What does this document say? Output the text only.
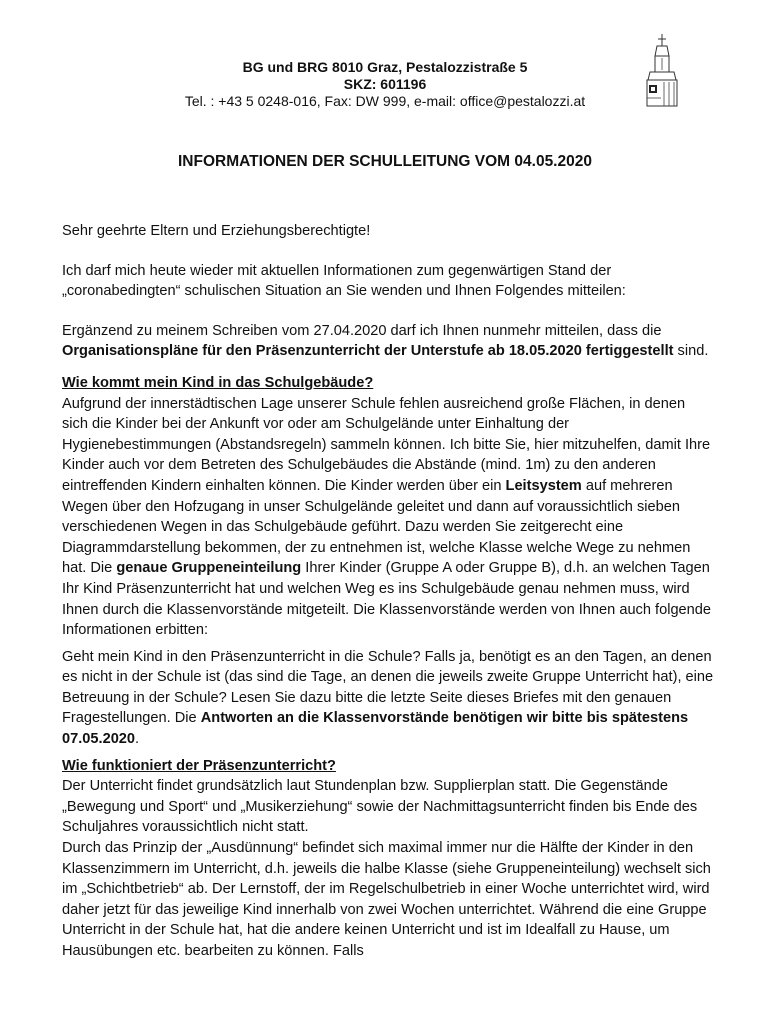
BG und BRG 8010 Graz, Pestalozzistraße 5
SKZ: 601196
Tel. : +43 5 0248-016, Fax: DW 999, e-mail: office@pestalozzi.at
INFORMATIONEN DER SCHULLEITUNG VOM 04.05.2020

Sehr geehrte Eltern und Erziehungsberechtigte!

Ich darf mich heute wieder mit aktuellen Informationen zum gegenwärtigen Stand der „coronabedingten“ schulischen Situation an Sie wenden und Ihnen Folgendes mitteilen:

Ergänzend zu meinem Schreiben vom 27.04.2020 darf ich Ihnen nunmehr mitteilen, dass die Organisationspläne für den Präsenzunterricht der Unterstufe ab 18.05.2020 fertiggestellt sind.

Wie kommt mein Kind in das Schulgebäude?

Aufgrund der innerstädtischen Lage unserer Schule fehlen ausreichend große Flächen, in denen sich die Kinder bei der Ankunft vor oder am Schulgelände unter Einhaltung der Hygienebestimmungen (Abstandsregeln) sammeln können. Ich bitte Sie, hier mitzuhelfen, damit Ihre Kinder auch vor dem Betreten des Schulgebäudes die Abstände (mind. 1m) zu den anderen eintreffenden Kindern einhalten können. Die Kinder werden über ein Leitsystem auf mehreren Wegen über den Hofzugang in unser Schulgelände geleitet und dann auf voraussichtlich sieben verschiedenen Wegen in das Schulgebäude geführt. Dazu werden Sie zeitgerecht eine Diagrammdarstellung bekommen, der zu entnehmen ist, welche Klasse welche Wege zu nehmen hat. Die genaue Gruppeneinteilung Ihrer Kinder (Gruppe A oder Gruppe B), d.h. an welchen Tagen Ihr Kind Präsenzunterricht hat und welchen Weg es ins Schulgebäude genau nehmen muss, wird Ihnen durch die Klassenvorstände mitgeteilt. Die Klassenvorstände werden von Ihnen auch folgende Informationen erbitten:

Geht mein Kind in den Präsenzunterricht in die Schule? Falls ja, benötigt es an den Tagen, an denen es nicht in der Schule ist (das sind die Tage, an denen die jeweils zweite Gruppe Unterricht hat), eine Betreuung in der Schule? Lesen Sie dazu bitte die letzte Seite dieses Briefes mit den genauen Fragestellungen. Die Antworten an die Klassenvorstände benötigen wir bitte bis spätestens 07.05.2020.

Wie funktioniert der Präsenzunterricht?

Der Unterricht findet grundsätzlich laut Stundenplan bzw. Supplierplan statt. Die Gegenstände „Bewegung und Sport“ und „Musikerziehung“ sowie der Nachmittagsunterricht finden bis Ende des Schuljahres voraussichtlich nicht statt.

Durch das Prinzip der „Ausdünnung“ befindet sich maximal immer nur die Hälfte der Kinder in den Klassenzimmern im Unterricht, d.h. jeweils die halbe Klasse (siehe Gruppeneinteilung) wechselt sich im „Schichtbetrieb“ ab. Der Lernstoff, der im Regelschulbetrieb in einer Woche unterrichtet wird, wird daher jetzt für das jeweilige Kind innerhalb von zwei Wochen unterrichtet. Während die eine Gruppe Unterricht in der Schule hat, hat die andere keinen Unterricht und ist im Idealfall zu Hause, um Hausübungen etc. bearbeiten zu können. Falls
